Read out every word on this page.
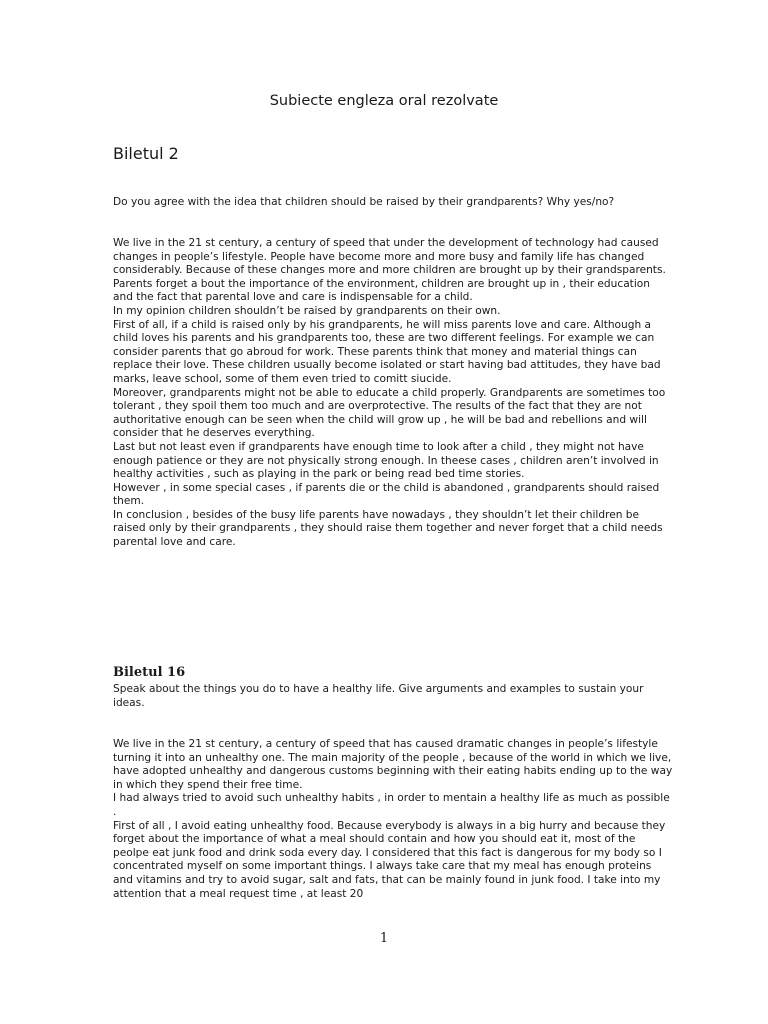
Subiecte engleza oral rezolvate
Biletul 2

Do you agree with the idea that children should be raised by their grandparents? Why yes/no?

We live in the 21 st century, a century of speed that under the development of technology had caused changes in people’s lifestyle. People have become more and more busy and family life has changed considerably. Because of these changes more and more children are brought up by their grandsparents. Parents forget a bout the importance of the environment, children are brought up in , their education and the fact that parental love and care is indispensable for a child.

In my opinion children shouldn’t be raised by grandparents on their own.

First of all, if a child is raised only by his grandparents, he will miss parents love and care. Although a child loves his parents and his grandparents too, these are two different feelings. For example we can consider parents that go abroud for work. These parents think that money and material things can replace their love. These children usually become isolated or start having bad attitudes, they have bad marks, leave school, some of them even tried to comitt siucide.

Moreover, grandparents might not be able to educate a child properly. Grandparents are sometimes too tolerant , they spoil them too much and are overprotective. The results of the fact that they are not authoritative enough can be seen when the child will grow up , he will be bad and rebellions and will consider that he deserves everything.

Last but not least even if grandparents have enough time to look after a child , they might not have enough patience or they are not physically strong enough. In theese cases , children aren’t involved in healthy activities , such as playing in the park or being read bed time stories.

However , in some special cases , if parents die or the child is abandoned , grandparents should raised them.

In conclusion , besides of the busy life parents have nowadays , they shouldn’t let their children be raised only by their grandparents , they should raise them together and never forget that a child needs parental love and care.

Biletul 16

Speak about the things you do to have a healthy life. Give arguments and examples to sustain your ideas.

We live in the 21 st century, a century of speed that has caused dramatic changes in people’s lifestyle turning it into an unhealthy one. The main majority of the people , because of the world in which we live, have adopted unhealthy and dangerous customs beginning with their eating habits ending up to the way in which they spend their free time.

I had always tried to avoid such unhealthy habits , in order to mentain a healthy life as much as possible .

First of all , I avoid eating unhealthy food. Because everybody is always in a big hurry and because they forget about the importance of what a meal should contain and how you should eat it, most of the peolpe eat junk food and drink soda every day. I considered that this fact is dangerous for my body so I concentrated myself on some important things. I always take care that my meal has enough proteins and vitamins and try to avoid sugar, salt and fats, that can be mainly found in junk food. I take into my attention that a meal request time , at least 20

1
